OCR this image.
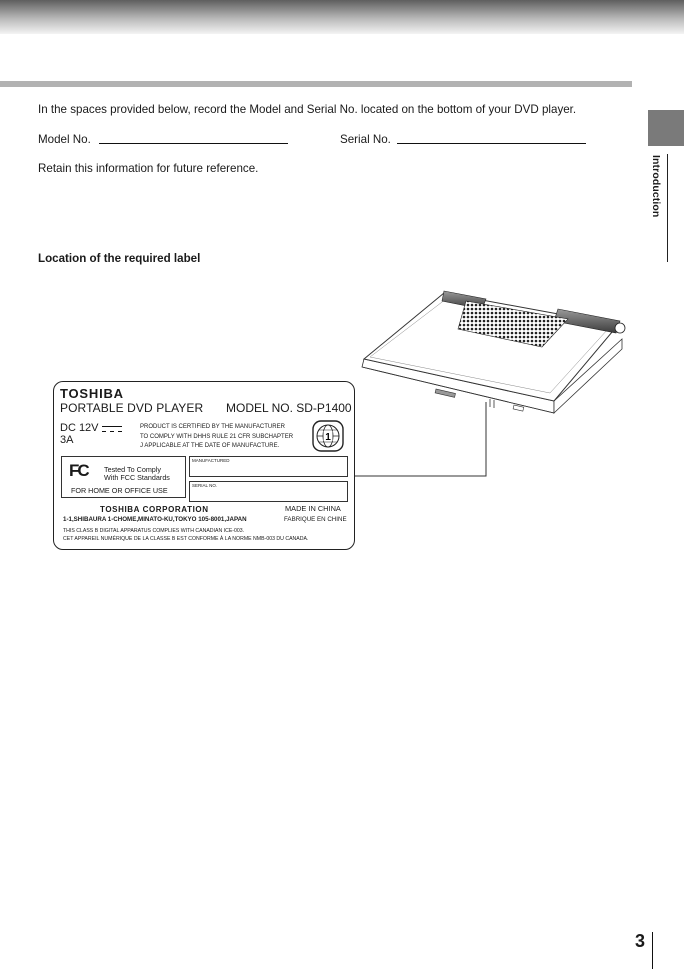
Introduction
In the spaces provided below, record the Model and Serial No. located on the bottom of your DVD player.
Model No.	Serial No.
Retain this information for future reference.
Location of the required label
TOSHIBA
PORTABLE DVD PLAYER MODEL NO. SD-P1400
DC 12V
3A
PRODUCT IS CERTIFIED BY THE MANUFACTURER
TO COMPLY WITH DHHS RULE 21 CFR SUBCHAPTER
J APPLICABLE AT THE DATE OF MANUFACTURE.
1
FC Tested To Comply
With FCC Standards
FOR HOME OR OFFICE USE
MANUFACTURED
SERIAL NO.
TOSHIBA CORPORATION	MADE IN CHINA
1-1,SHIBAURA 1-CHOME,MINATO-KU,TOKYO 105-8001,JAPAN	FABRIQUE EN CHINE
THIS CLASS B DIGITAL APPARATUS COMPLIES WITH CANADIAN ICE-003.
CET APPAREIL NUMÉRIQUE DE LA CLASSE B EST CONFORME À LA NORME NMB-003 DU CANADA.
3
